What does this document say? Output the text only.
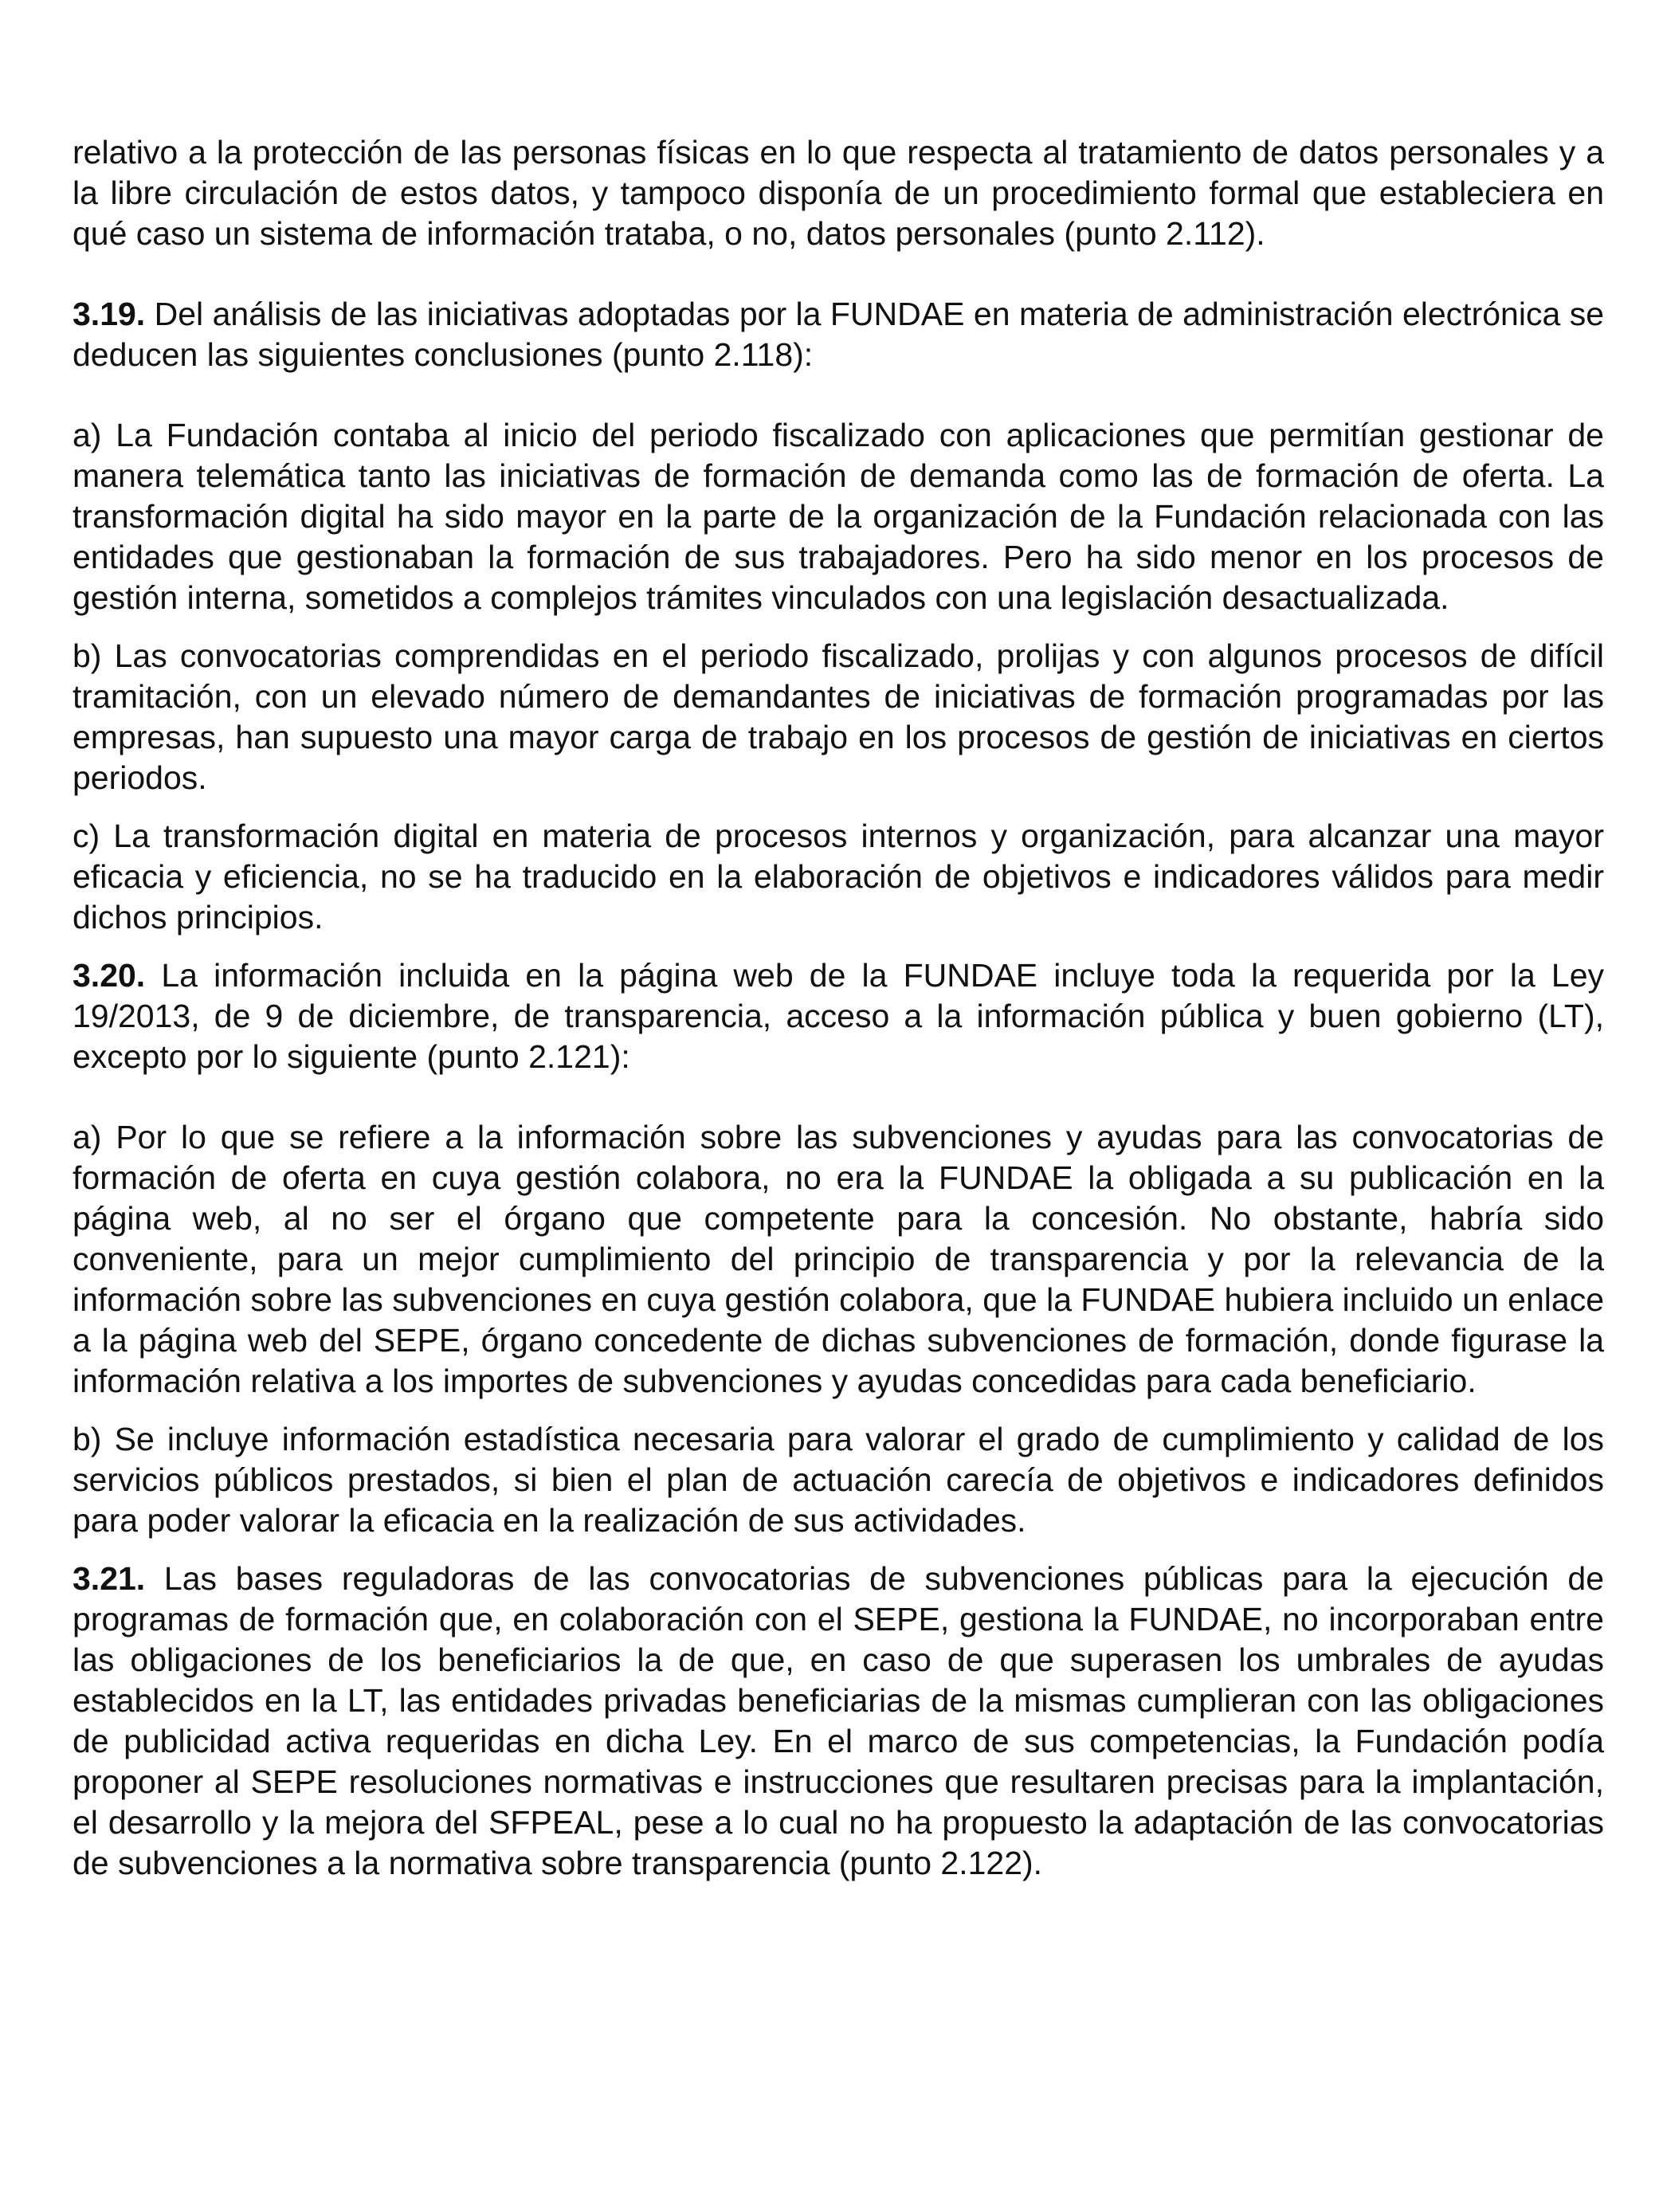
relativo a la protección de las personas físicas en lo que respecta al tratamiento de datos personales y a la libre circulación de estos datos, y tampoco disponía de un procedimiento formal que estableciera en qué caso un sistema de información trataba, o no, datos personales (punto 2.112).

3.19. Del análisis de las iniciativas adoptadas por la FUNDAE en materia de administración electrónica se deducen las siguientes conclusiones (punto 2.118):

a) La Fundación contaba al inicio del periodo fiscalizado con aplicaciones que permitían gestionar de manera telemática tanto las iniciativas de formación de demanda como las de formación de oferta. La transformación digital ha sido mayor en la parte de la organización de la Fundación relacionada con las entidades que gestionaban la formación de sus trabajadores. Pero ha sido menor en los procesos de gestión interna, sometidos a complejos trámites vinculados con una legislación desactualizada.

b) Las convocatorias comprendidas en el periodo fiscalizado, prolijas y con algunos procesos de difícil tramitación, con un elevado número de demandantes de iniciativas de formación programadas por las empresas, han supuesto una mayor carga de trabajo en los procesos de gestión de iniciativas en ciertos periodos.

c) La transformación digital en materia de procesos internos y organización, para alcanzar una mayor eficacia y eficiencia, no se ha traducido en la elaboración de objetivos e indicadores válidos para medir dichos principios.

3.20. La información incluida en la página web de la FUNDAE incluye toda la requerida por la Ley 19/2013, de 9 de diciembre, de transparencia, acceso a la información pública y buen gobierno (LT), excepto por lo siguiente (punto 2.121):

a) Por lo que se refiere a la información sobre las subvenciones y ayudas para las convocatorias de formación de oferta en cuya gestión colabora, no era la FUNDAE la obligada a su publicación en la página web, al no ser el órgano que competente para la concesión. No obstante, habría sido conveniente, para un mejor cumplimiento del principio de transparencia y por la relevancia de la información sobre las subvenciones en cuya gestión colabora, que la FUNDAE hubiera incluido un enlace a la página web del SEPE, órgano concedente de dichas subvenciones de formación, donde figurase la información relativa a los importes de subvenciones y ayudas concedidas para cada beneficiario.

b) Se incluye información estadística necesaria para valorar el grado de cumplimiento y calidad de los servicios públicos prestados, si bien el plan de actuación carecía de objetivos e indicadores definidos para poder valorar la eficacia en la realización de sus actividades.

3.21. Las bases reguladoras de las convocatorias de subvenciones públicas para la ejecución de programas de formación que, en colaboración con el SEPE, gestiona la FUNDAE, no incorporaban entre las obligaciones de los beneficiarios la de que, en caso de que superasen los umbrales de ayudas establecidos en la LT, las entidades privadas beneficiarias de la mismas cumplieran con las obligaciones de publicidad activa requeridas en dicha Ley. En el marco de sus competencias, la Fundación podía proponer al SEPE resoluciones normativas e instrucciones que resultaren precisas para la implantación, el desarrollo y la mejora del SFPEAL, pese a lo cual no ha propuesto la adaptación de las convocatorias de subvenciones a la normativa sobre transparencia (punto 2.122).
